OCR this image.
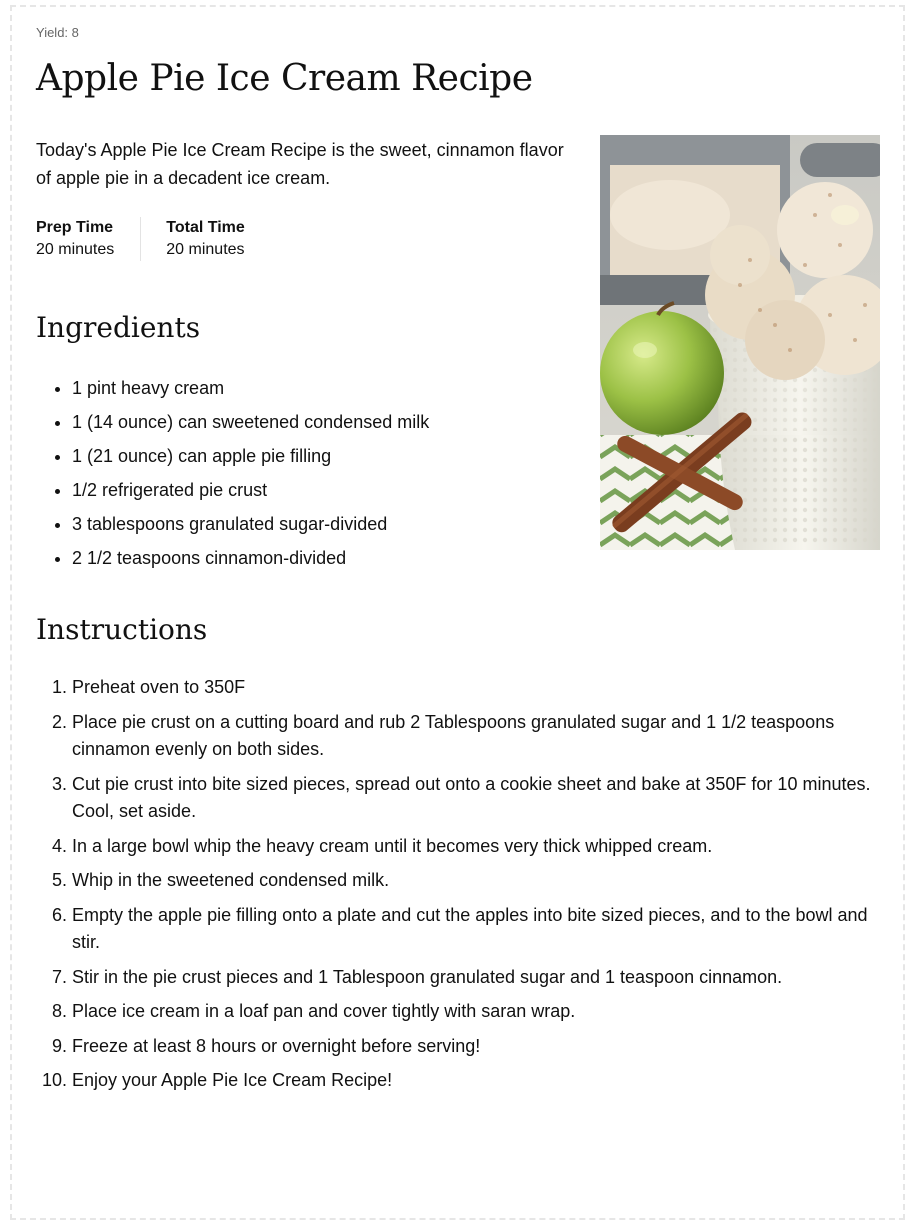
Yield: 8
Apple Pie Ice Cream Recipe

Today's Apple Pie Ice Cream Recipe is the sweet, cinnamon flavor of apple pie in a decadent ice cream.

Prep Time
20 minutes
Total Time
20 minutes
Ingredients
• 1 pint heavy cream
• 1 (14 ounce) can sweetened condensed milk
• 1 (21 ounce) can apple pie filling
• 1/2 refrigerated pie crust
• 3 tablespoons granulated sugar-divided
• 2 1/2 teaspoons cinnamon-divided
Instructions
1. Preheat oven to 350F
2. Place pie crust on a cutting board and rub 2 Tablespoons granulated sugar and 1 1/2 teaspoons cinnamon evenly on both sides.
3. Cut pie crust into bite sized pieces, spread out onto a cookie sheet and bake at 350F for 10 minutes. Cool, set aside.
4. In a large bowl whip the heavy cream until it becomes very thick whipped cream.
5. Whip in the sweetened condensed milk.
6. Empty the apple pie filling onto a plate and cut the apples into bite sized pieces, and to the bowl and stir.
7. Stir in the pie crust pieces and 1 Tablespoon granulated sugar and 1 teaspoon cinnamon.
8. Place ice cream in a loaf pan and cover tightly with saran wrap.
9. Freeze at least 8 hours or overnight before serving!
10. Enjoy your Apple Pie Ice Cream Recipe!
